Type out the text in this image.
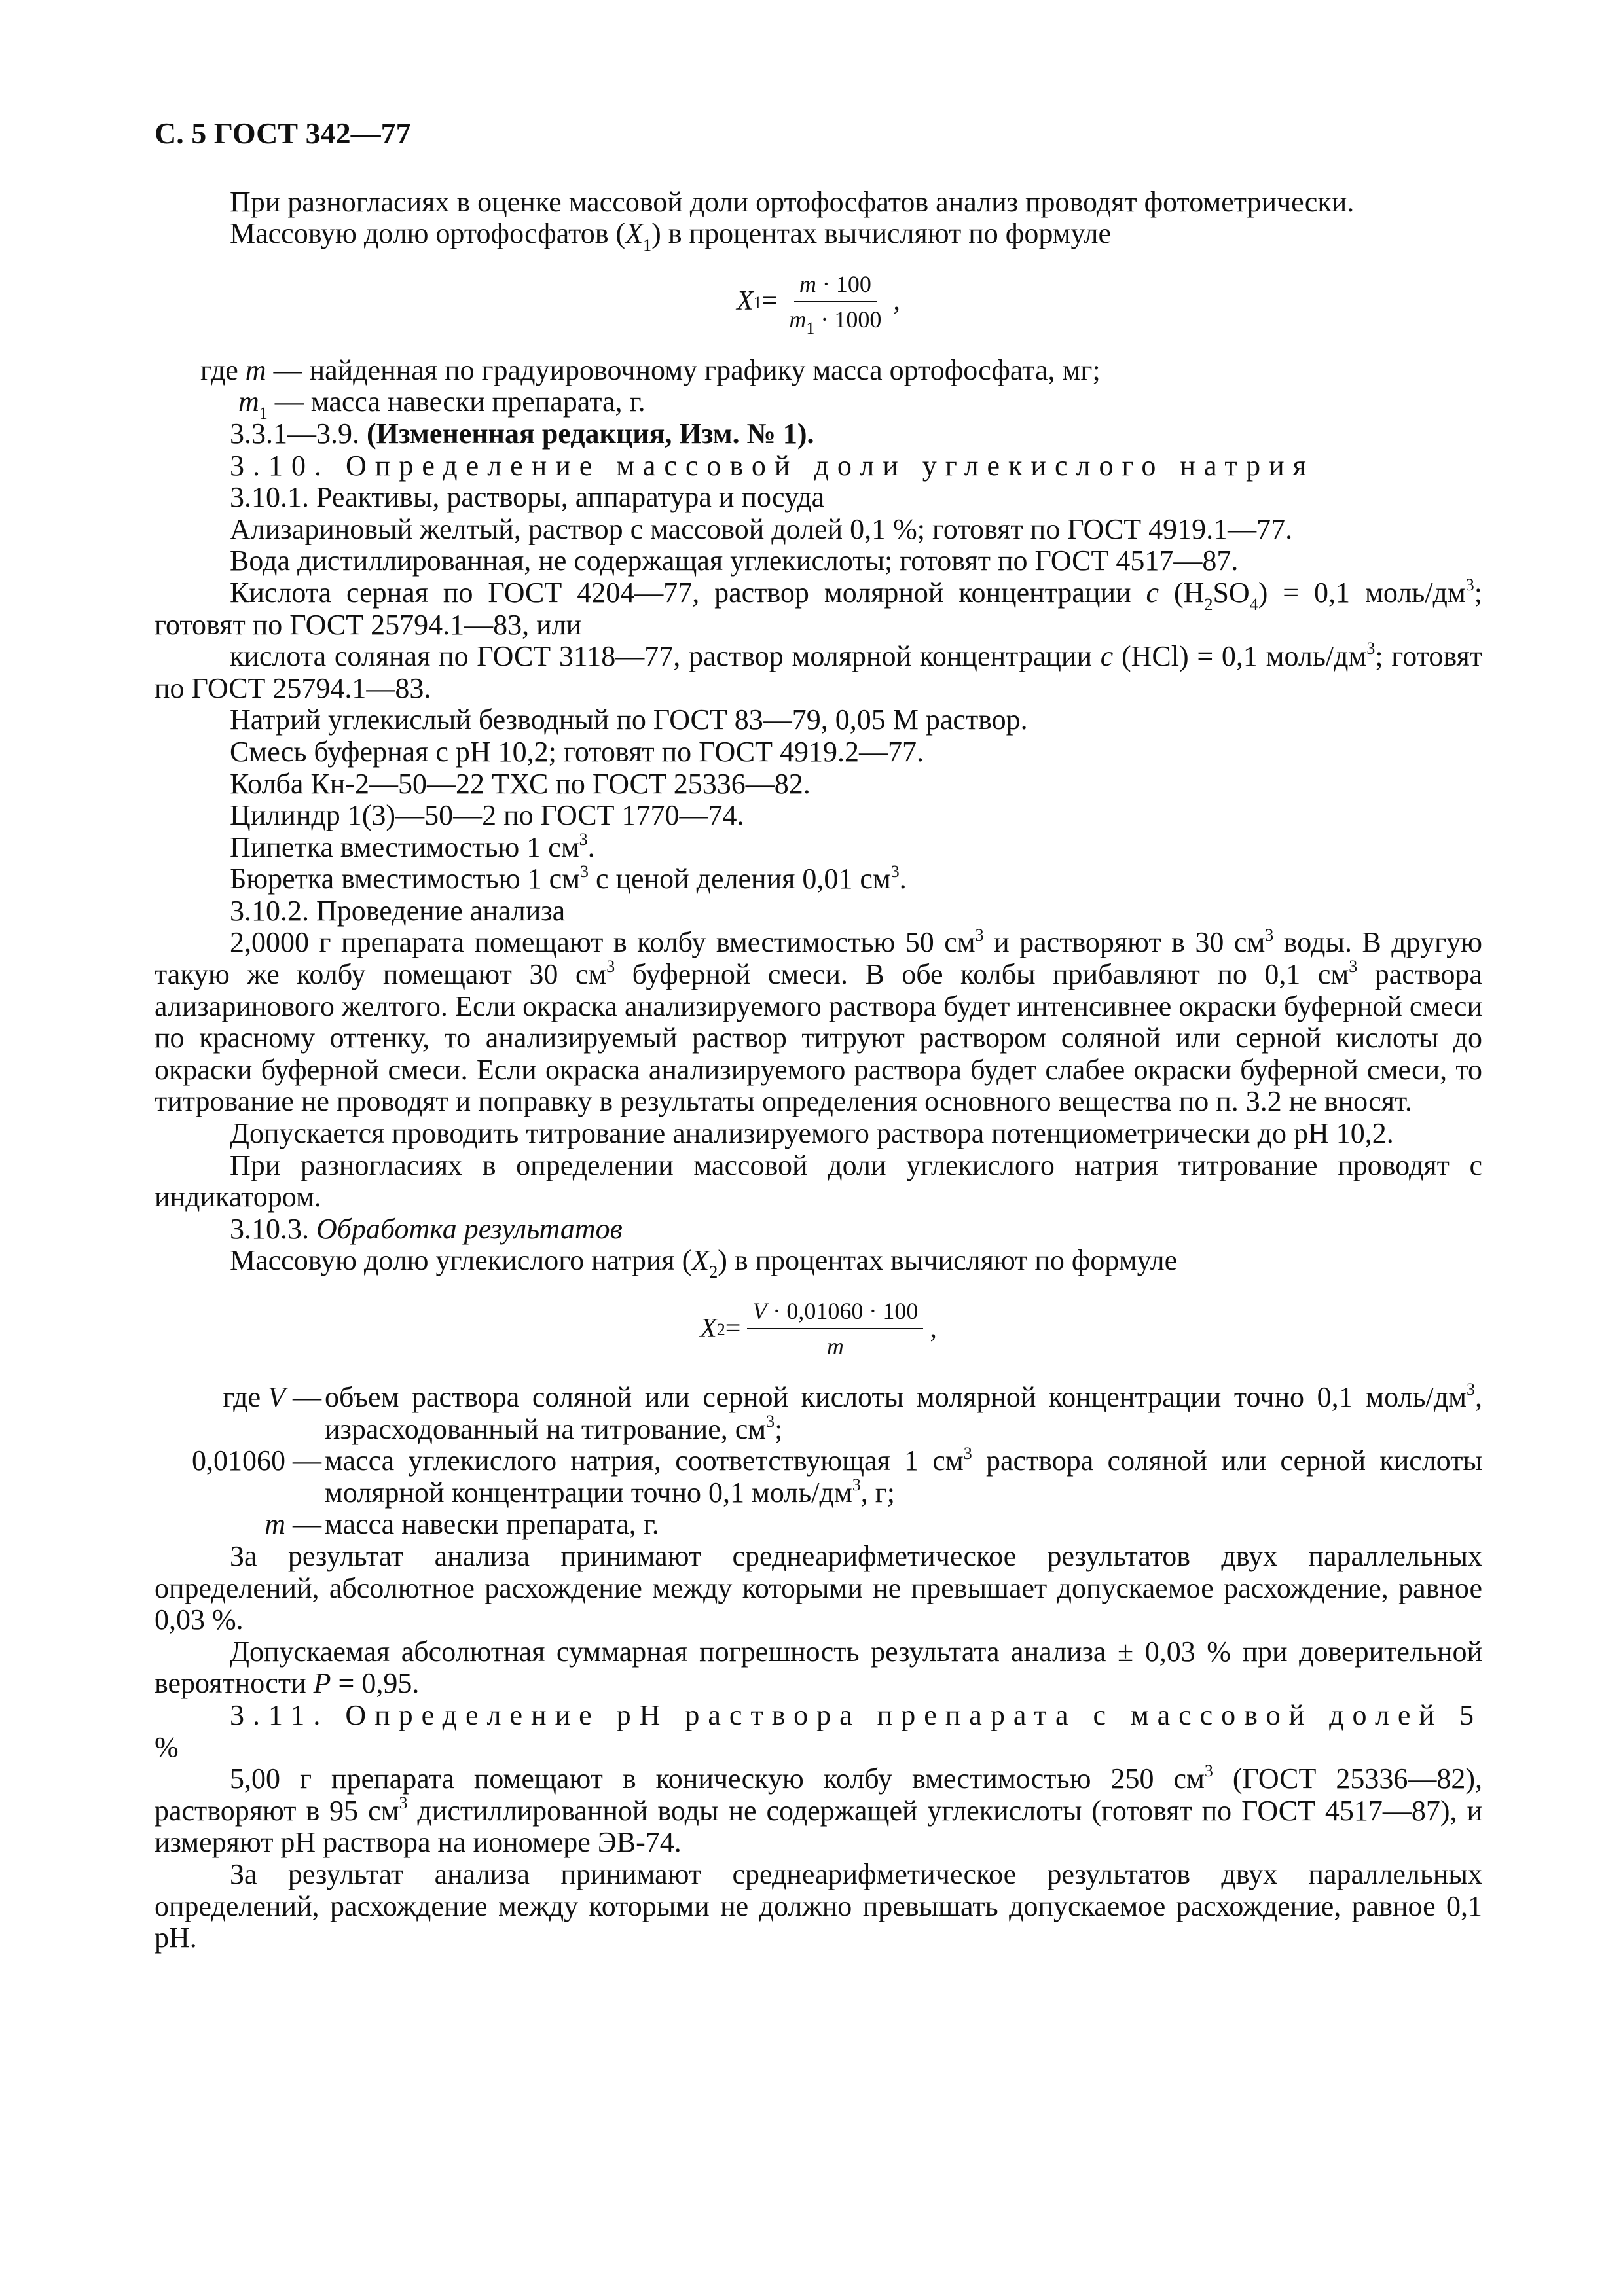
С. 5 ГОСТ 342—77

При разногласиях в оценке массовой доли ортофосфатов анализ проводят фотометрически.

Массовую долю ортофосфатов $(X_1)$ в процентах вычисляют по формуле

$X_1 = \frac{m \cdot 100}{m_1 \cdot 1000}$ ,

где m — найденная по градуировочному графику масса ортофосфата, мг;

$m_1$ — масса навески препарата, г.

3.3.1—3.9. (Измененная редакция, Изм. № 1).

3.10. Определение массовой доли углекислого натрия

3.10.1. Реактивы, растворы, аппаратура и посуда

Ализариновый желтый, раствор с массовой долей 0,1 %; готовят по ГОСТ 4919.1—77.

Вода дистиллированная, не содержащая углекислоты; готовят по ГОСТ 4517—87.

Кислота серная по ГОСТ 4204—77, раствор молярной концентрации c $(H_2SO_4) = 0,1$ моль/$дм^3$; готовят по ГОСТ 25794.1—83, или

кислота соляная по ГОСТ 3118—77, раствор молярной концентрации c (HCl) = 0,1 моль/$дм^3$; готовят по ГОСТ 25794.1—83.

Натрий углекислый безводный по ГОСТ 83—79, 0,05 М раствор.

Смесь буферная с рН 10,2; готовят по ГОСТ 4919.2—77.

Колба Кн-2—50—22 ТХС по ГОСТ 25336—82.

Цилиндр 1(3)—50—2 по ГОСТ 1770—74.

Пипетка вместимостью 1 $см^3$.

Бюретка вместимостью 1 $см^3$ с ценой деления 0,01 $см^3$.

3.10.2. Проведение анализа

2,0000 г препарата помещают в колбу вместимостью 50 $см^3$ и растворяют в 30 $см^3$ воды. В другую такую же колбу помещают 30 $см^3$ буферной смеси. В обе колбы прибавляют по 0,1 $см^3$ раствора ализаринового желтого. Если окраска анализируемого раствора будет интенсивнее окраски буферной смеси по красному оттенку, то анализируемый раствор титруют раствором соляной или серной кислоты до окраски буферной смеси. Если окраска анализируемого раствора будет слабее окраски буферной смеси, то титрование не проводят и поправку в результаты определения основного вещества по п. 3.2 не вносят.

Допускается проводить титрование анализируемого раствора потенциометрически до pH 10,2.

При разногласиях в определении массовой доли углекислого натрия титрование проводят с индикатором.

3.10.3. Обработка результатов

Массовую долю углекислого натрия $(X_2)$ в процентах вычисляют по формуле

$X_2 = \frac{V \cdot 0,01060 \cdot 100}{m}$ ,
где V — объем раствора соляной или серной кислоты молярной концентрации точно 0,1 моль/$дм^3$, израсходованный на титрование, $см^3$;
0,01060 — масса углекислого натрия, соответствующая 1 $см^3$ раствора соляной или серной кислоты молярной концентрации точно 0,1 моль/$дм^3$, г;
m — масса навески препарата, г.

За результат анализа принимают среднеарифметическое результатов двух параллельных определений, абсолютное расхождение между которыми не превышает допускаемое расхождение, равное 0,03 %.

Допускаемая абсолютная суммарная погрешность результата анализа ± 0,03 % при доверительной вероятности P = 0,95.

3.11. Определение pH раствора препарата с массовой долей 5 %

5,00 г препарата помещают в коническую колбу вместимостью 250 $см^3$ (ГОСТ 25336—82), растворяют в 95 $см^3$ дистиллированной воды не содержащей углекислоты (готовят по ГОСТ 4517—87), и измеряют pH раствора на иономере ЭВ-74.

За результат анализа принимают среднеарифметическое результатов двух параллельных определений, расхождение между которыми не должно превышать допускаемое расхождение, равное 0,1 pH.
